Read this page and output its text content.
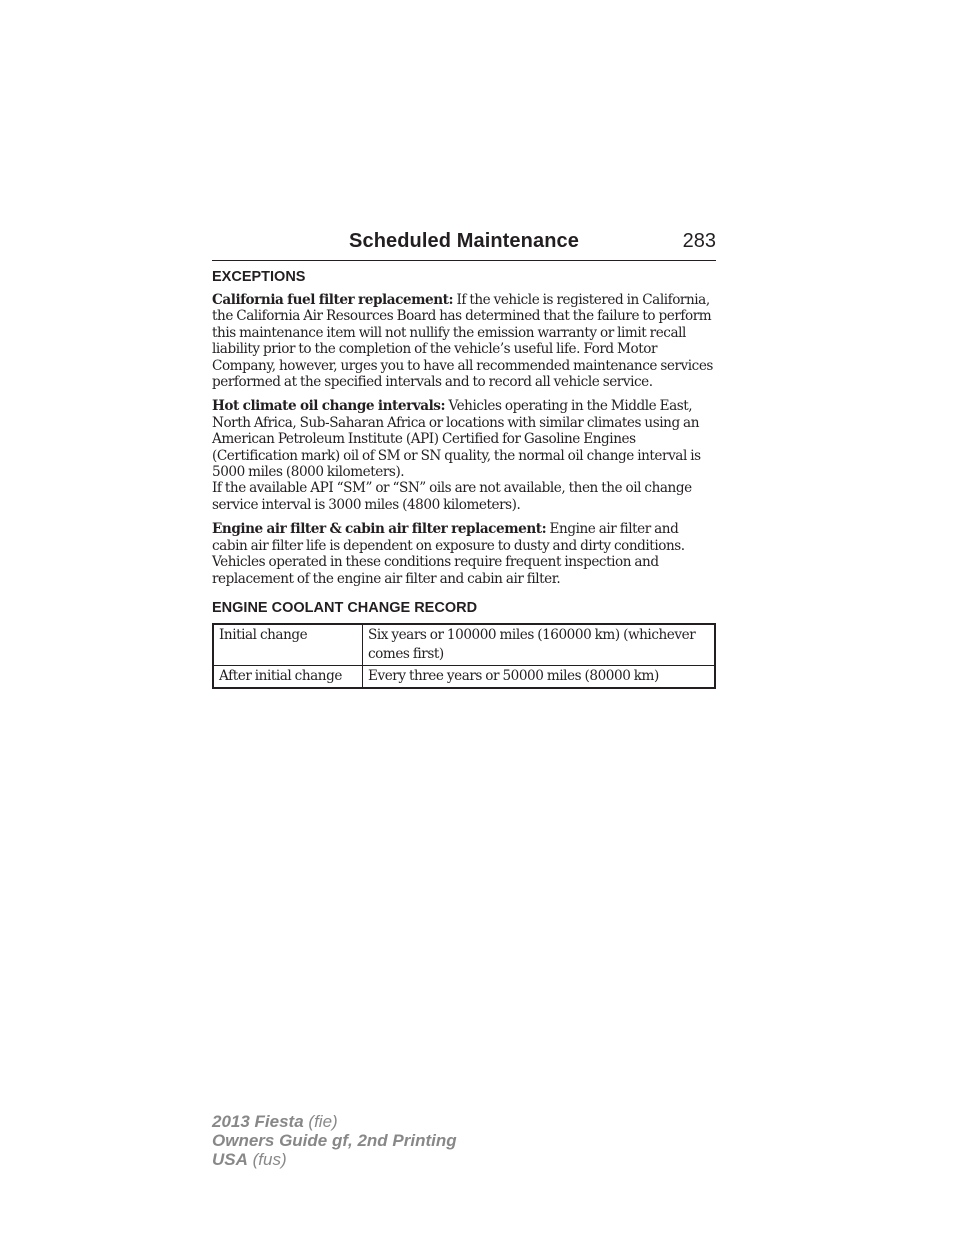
Scheduled Maintenance	283
EXCEPTIONS

California fuel filter replacement: If the vehicle is registered in California, the California Air Resources Board has determined that the failure to perform this maintenance item will not nullify the emission warranty or limit recall liability prior to the completion of the vehicle’s useful life. Ford Motor Company, however, urges you to have all recommended maintenance services performed at the specified intervals and to record all vehicle service.

Hot climate oil change intervals: Vehicles operating in the Middle East, North Africa, Sub-Saharan Africa or locations with similar climates using an American Petroleum Institute (API) Certified for Gasoline Engines (Certification mark) oil of SM or SN quality, the normal oil change interval is 5000 miles (8000 kilometers).
If the available API “SM” or “SN” oils are not available, then the oil change service interval is 3000 miles (4800 kilometers).

Engine air filter & cabin air filter replacement: Engine air filter and cabin air filter life is dependent on exposure to dusty and dirty conditions. Vehicles operated in these conditions require frequent inspection and replacement of the engine air filter and cabin air filter.

ENGINE COOLANT CHANGE RECORD
Initial change	Six years or 100000 miles (160000 km) (whichever comes first)
After initial change	Every three years or 50000 miles (80000 km)
2013 Fiesta (fie)
Owners Guide gf, 2nd Printing
USA (fus)
